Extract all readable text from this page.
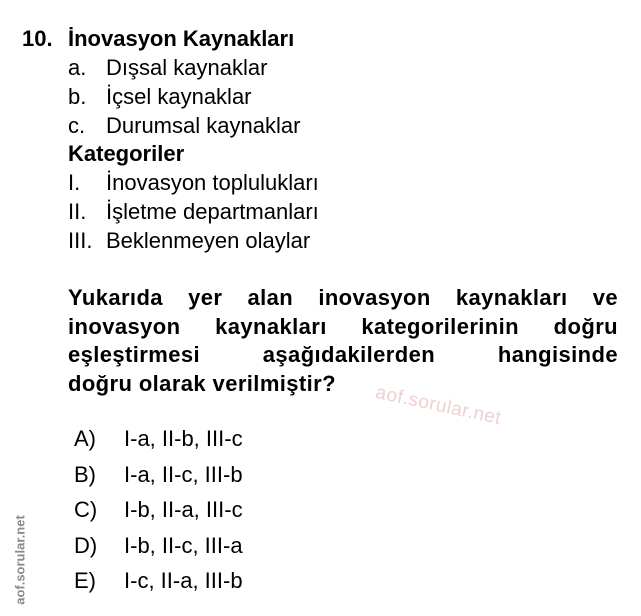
10. İnovasyon Kaynakları
a. Dışsal kaynaklar
b. İçsel kaynaklar
c. Durumsal kaynaklar
Kategoriler
I.	İnovasyon toplulukları
II. İşletme departmanları
III. Beklenmeyen olaylar
Yukarıda yer alan inovasyon kaynakları ve
inovasyon kaynakları kategorilerinin doğru
eşleştirmesi aşağıdakilerden hangisinde
doğru olarak verilmiştir?	aof.sorular.net
A)	I-a, II-b, III-c
B)	I-a, II-c, III-b
C)	I-b, II-a, III-c
D)	I-b, II-c, III-a
E)	I-c, II-a, III-b
aof.sorular.net
